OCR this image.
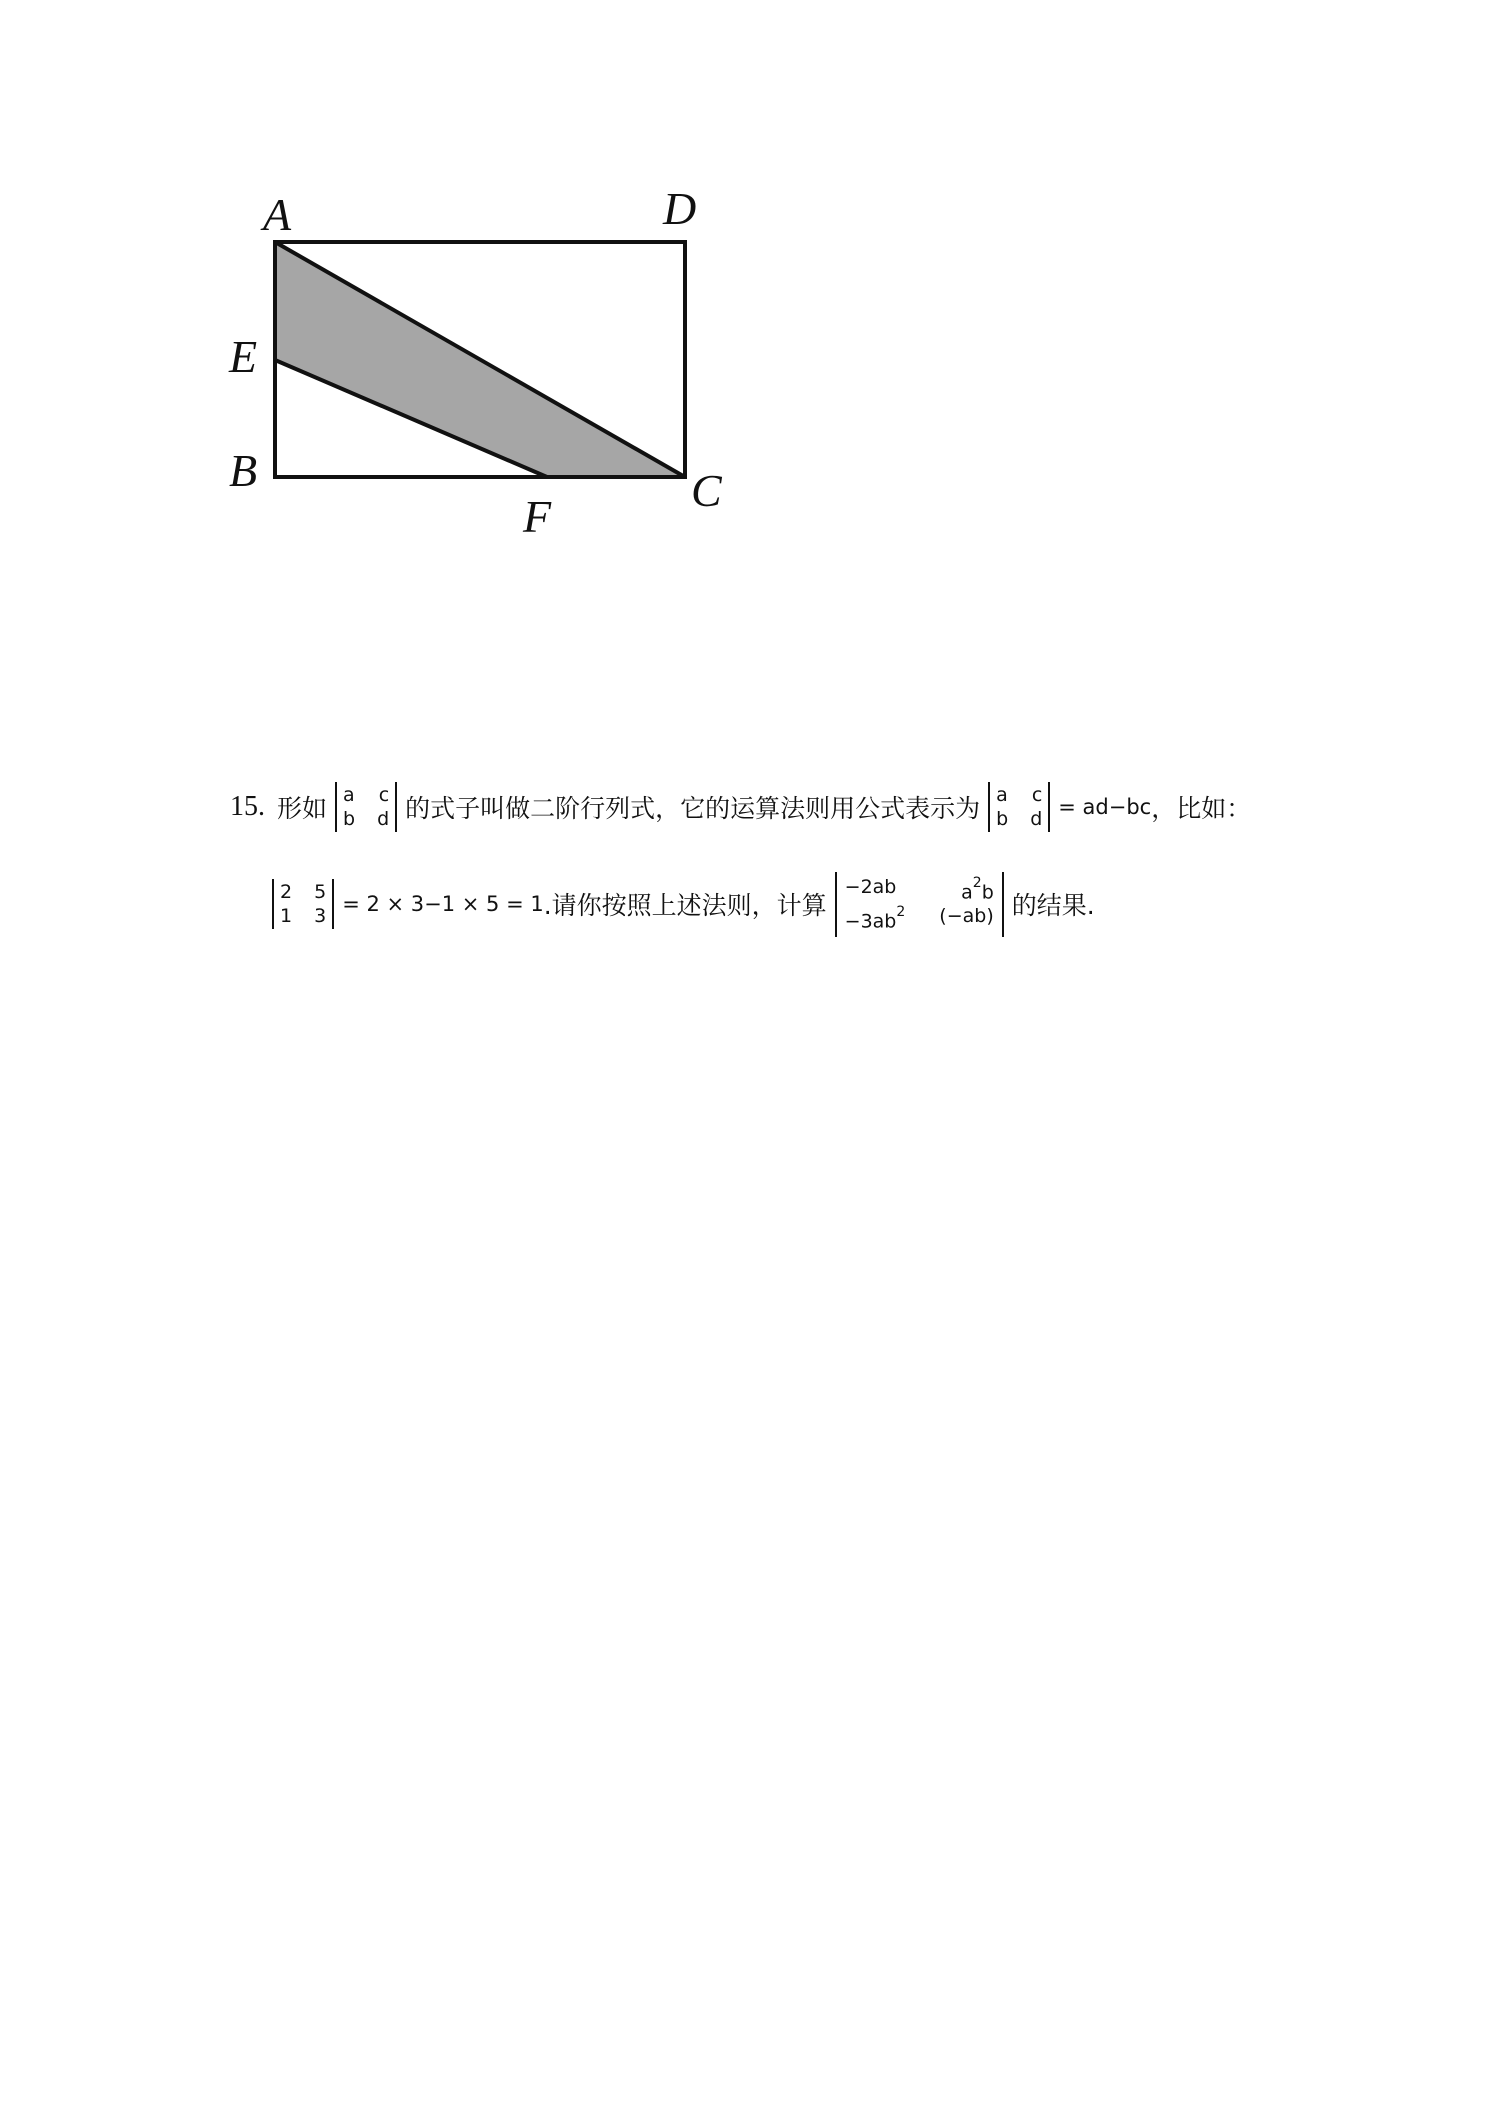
A	D
E
B
F
C
15. 形如 a c
b d 的式子叫做二阶行列式，它的运算法则用公式表示为 a c
b d = ad−bc ，比如：
2 5
1 3 = 2 × 3−1 × 5 = 1 .请你按照上述法则，计算
−2ab	$a^2b$
$-3ab^2$ (−ab) 的结果.
